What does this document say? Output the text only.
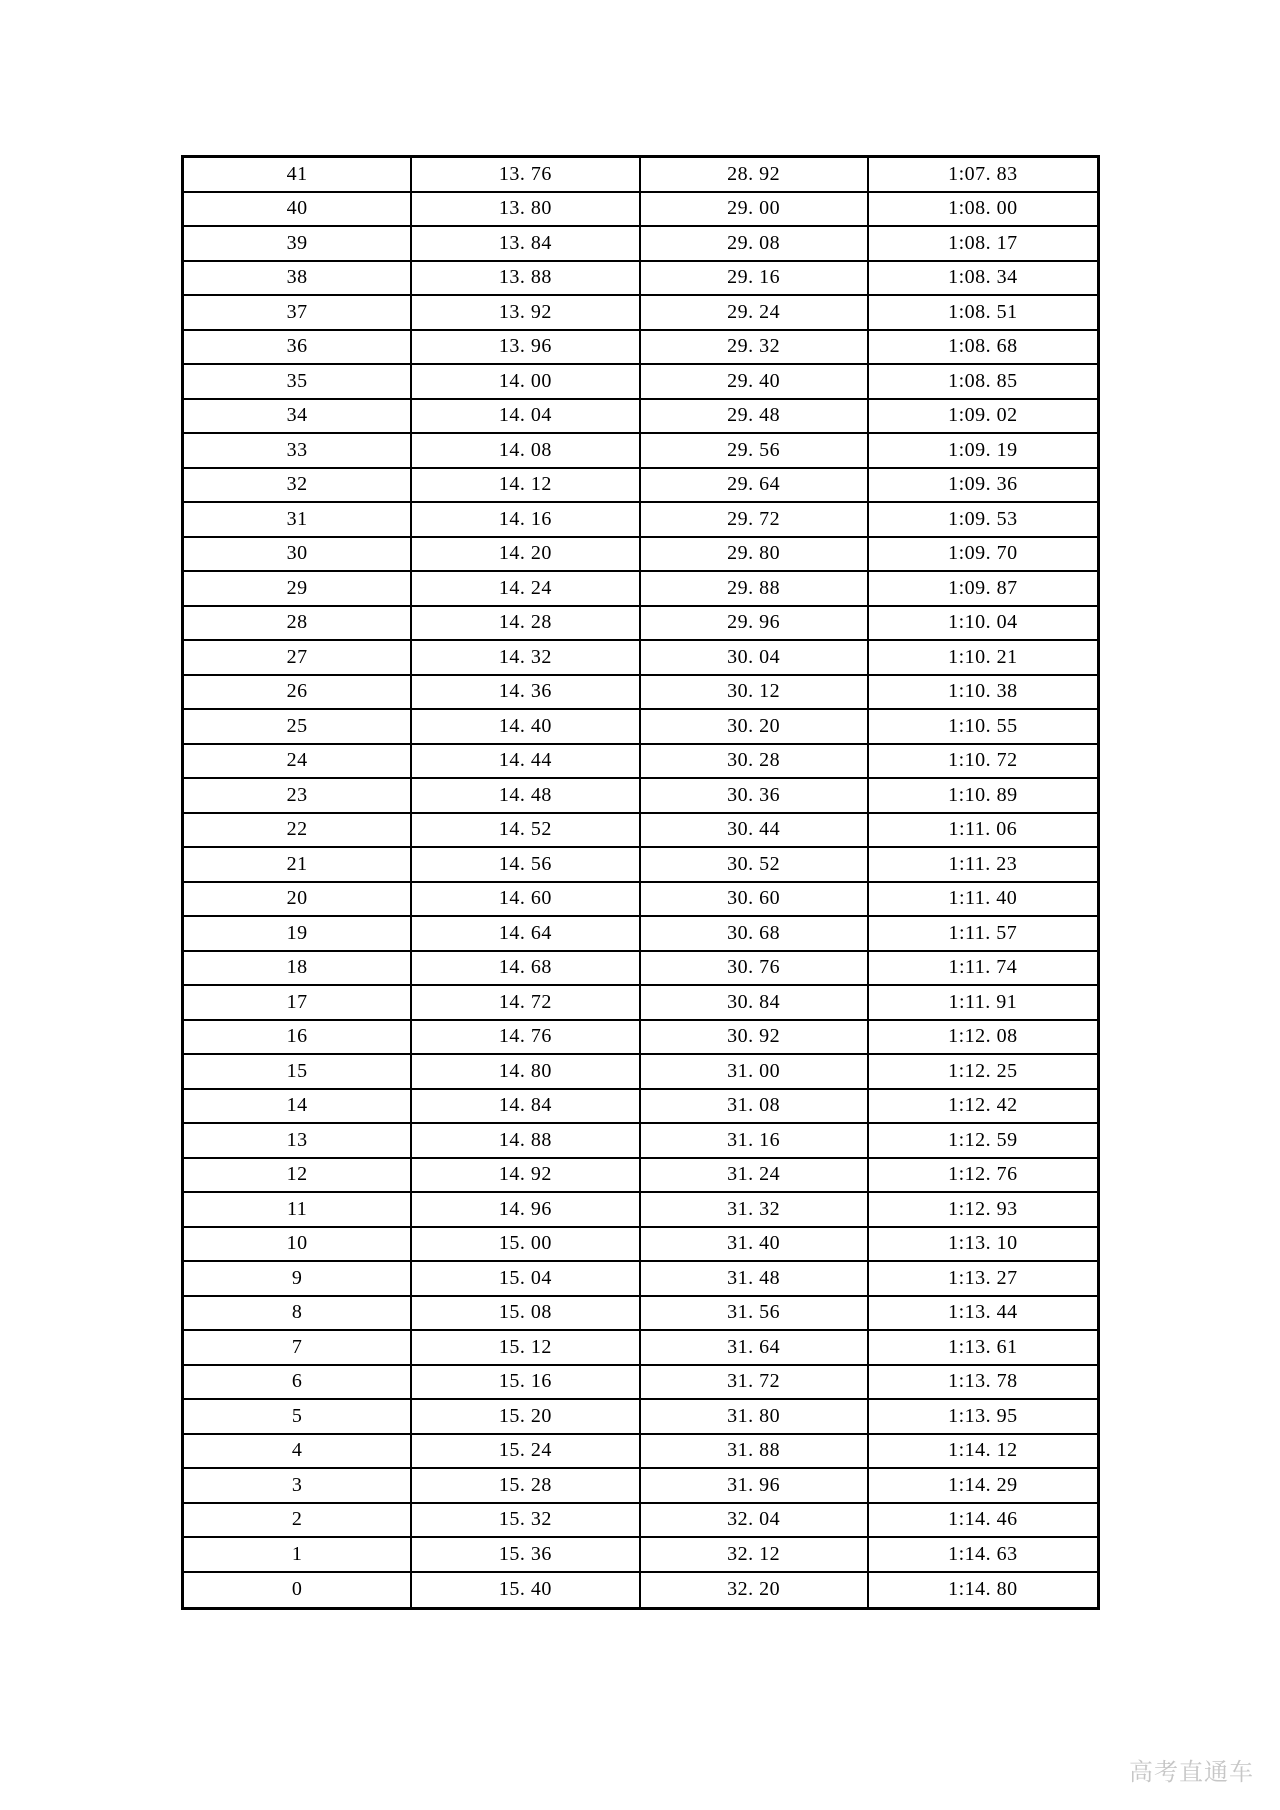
41	13. 76	28. 92	1:07. 83
40	13. 80	29. 00	1:08. 00
39	13. 84	29. 08	1:08. 17
38	13. 88	29. 16	1:08. 34
37	13. 92	29. 24	1:08. 51
36	13. 96	29. 32	1:08. 68
35	14. 00	29. 40	1:08. 85
34	14. 04	29. 48	1:09. 02
33	14. 08	29. 56	1:09. 19
32	14. 12	29. 64	1:09. 36
31	14. 16	29. 72	1:09. 53
30	14. 20	29. 80	1:09. 70
29	14. 24	29. 88	1:09. 87
28	14. 28	29. 96	1:10. 04
27	14. 32	30. 04	1:10. 21
26	14. 36	30. 12	1:10. 38
25	14. 40	30. 20	1:10. 55
24	14. 44	30. 28	1:10. 72
23	14. 48	30. 36	1:10. 89
22	14. 52	30. 44	1:11. 06
21	14. 56	30. 52	1:11. 23
20	14. 60	30. 60	1:11. 40
19	14. 64	30. 68	1:11. 57
18	14. 68	30. 76	1:11. 74
17	14. 72	30. 84	1:11. 91
16	14. 76	30. 92	1:12. 08
15	14. 80	31. 00	1:12. 25
14	14. 84	31. 08	1:12. 42
13	14. 88	31. 16	1:12. 59
12	14. 92	31. 24	1:12. 76
11	14. 96	31. 32	1:12. 93
10	15. 00	31. 40	1:13. 10
9	15. 04	31. 48	1:13. 27
8	15. 08	31. 56	1:13. 44
7	15. 12	31. 64	1:13. 61
6	15. 16	31. 72	1:13. 78
5	15. 20	31. 80	1:13. 95
4	15. 24	31. 88	1:14. 12
3	15. 28	31. 96	1:14. 29
2	15. 32	32. 04	1:14. 46
1	15. 36	32. 12	1:14. 63
0	15. 40	32. 20	1:14. 80
高考直通车
